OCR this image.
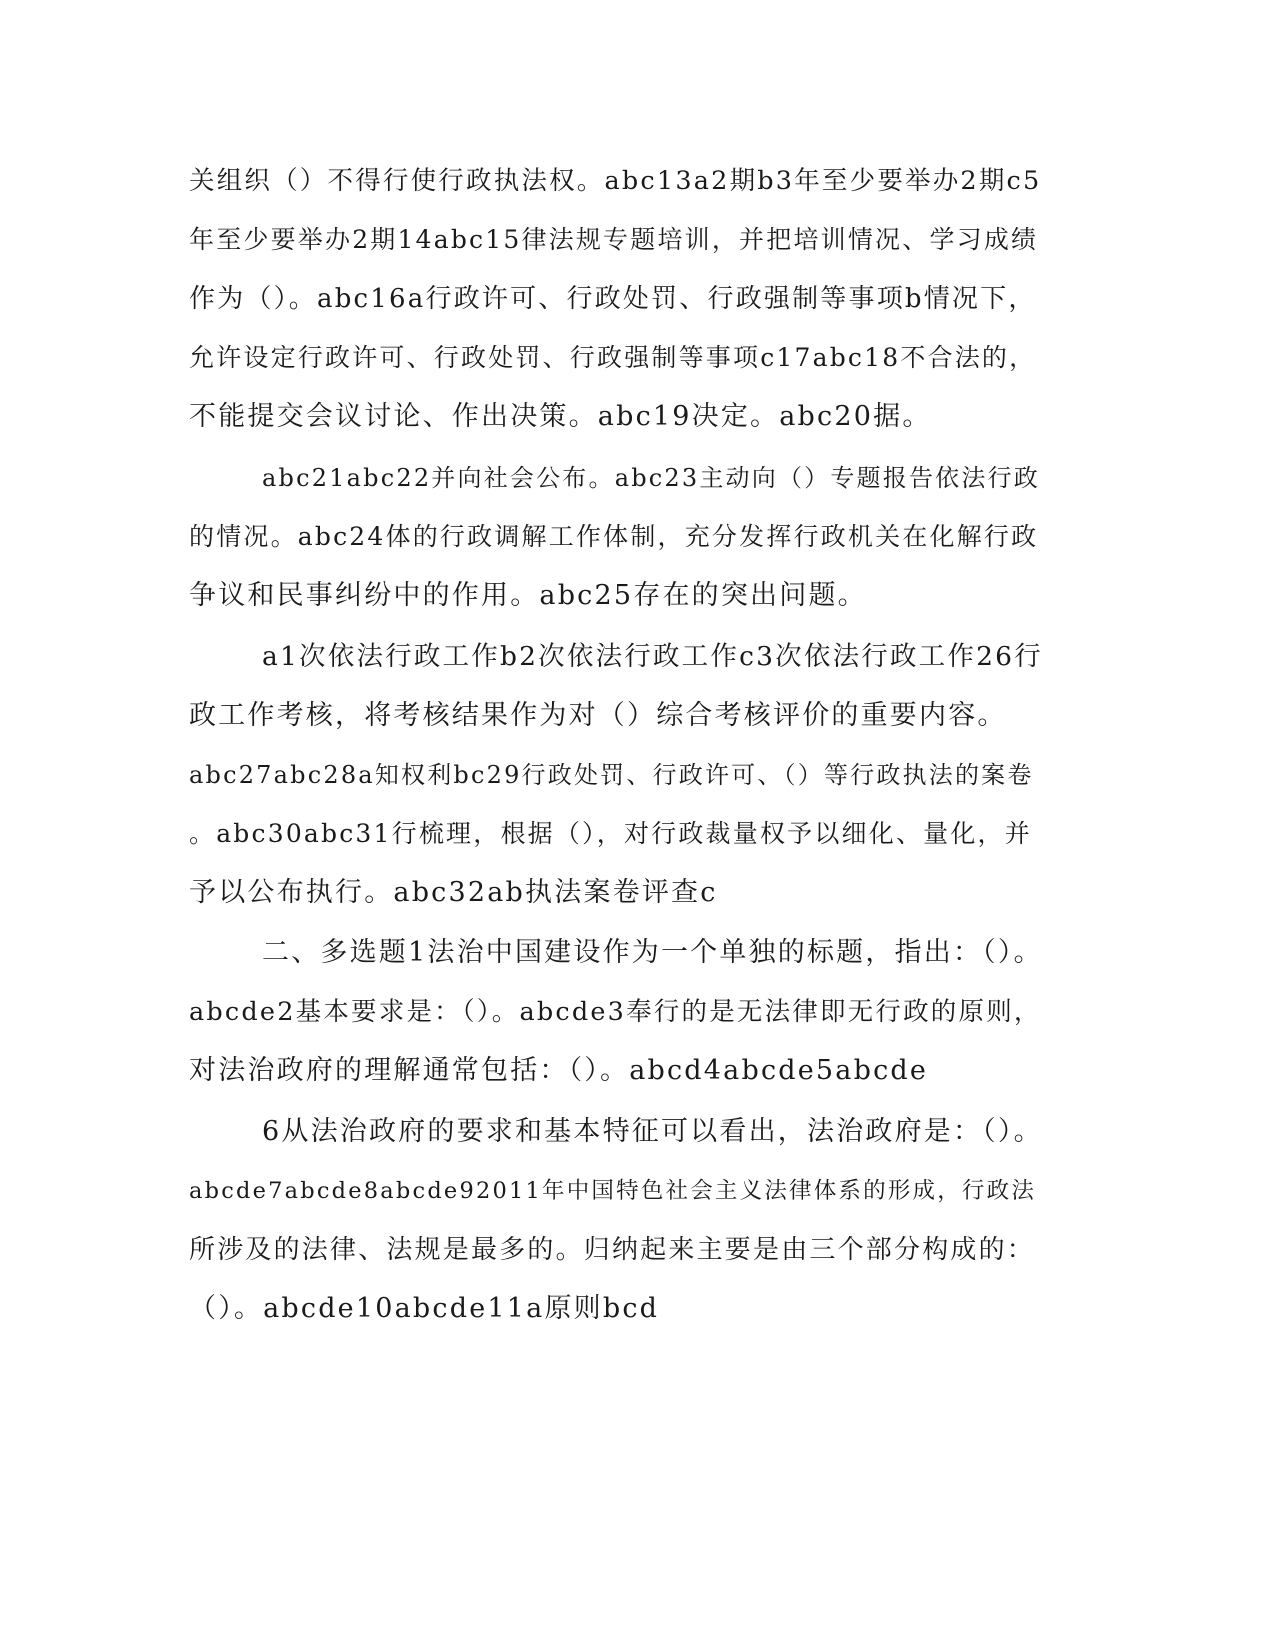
关组织（）不得行使行政执法权。abc13a2期b3年至少要举办2期c5
年至少要举办2期14abc15律法规专题培训，并把培训情况、学习成绩
作为（）。abc16a行政许可、行政处罚、行政强制等事项b情况下，
允许设定行政许可、行政处罚、行政强制等事项c17abc18不合法的，
不能提交会议讨论、作出决策。abc19决定。abc20据。
abc21abc22并向社会公布。abc23主动向（）专题报告依法行政
的情况。abc24体的行政调解工作体制，充分发挥行政机关在化解行政
争议和民事纠纷中的作用。abc25存在的突出问题。
a1次依法行政工作b2次依法行政工作c3次依法行政工作26行
政工作考核，将考核结果作为对（）综合考核评价的重要内容。
abc27abc28a知权利bc29行政处罚、行政许可、（）等行政执法的案卷
。abc30abc31行梳理，根据（），对行政裁量权予以细化、量化，并
予以公布执行。abc32ab执法案卷评查c
二、多选题1法治中国建设作为一个单独的标题，指出：（）。
abcde2基本要求是：（）。abcde3奉行的是无法律即无行政的原则，
对法治政府的理解通常包括：（）。abcd4abcde5abcde
6从法治政府的要求和基本特征可以看出，法治政府是：（）。
abcde7abcde8abcde92011年中国特色社会主义法律体系的形成，行政法
所涉及的法律、法规是最多的。归纳起来主要是由三个部分构成的：
（）。abcde10abcde11a原则bcd
